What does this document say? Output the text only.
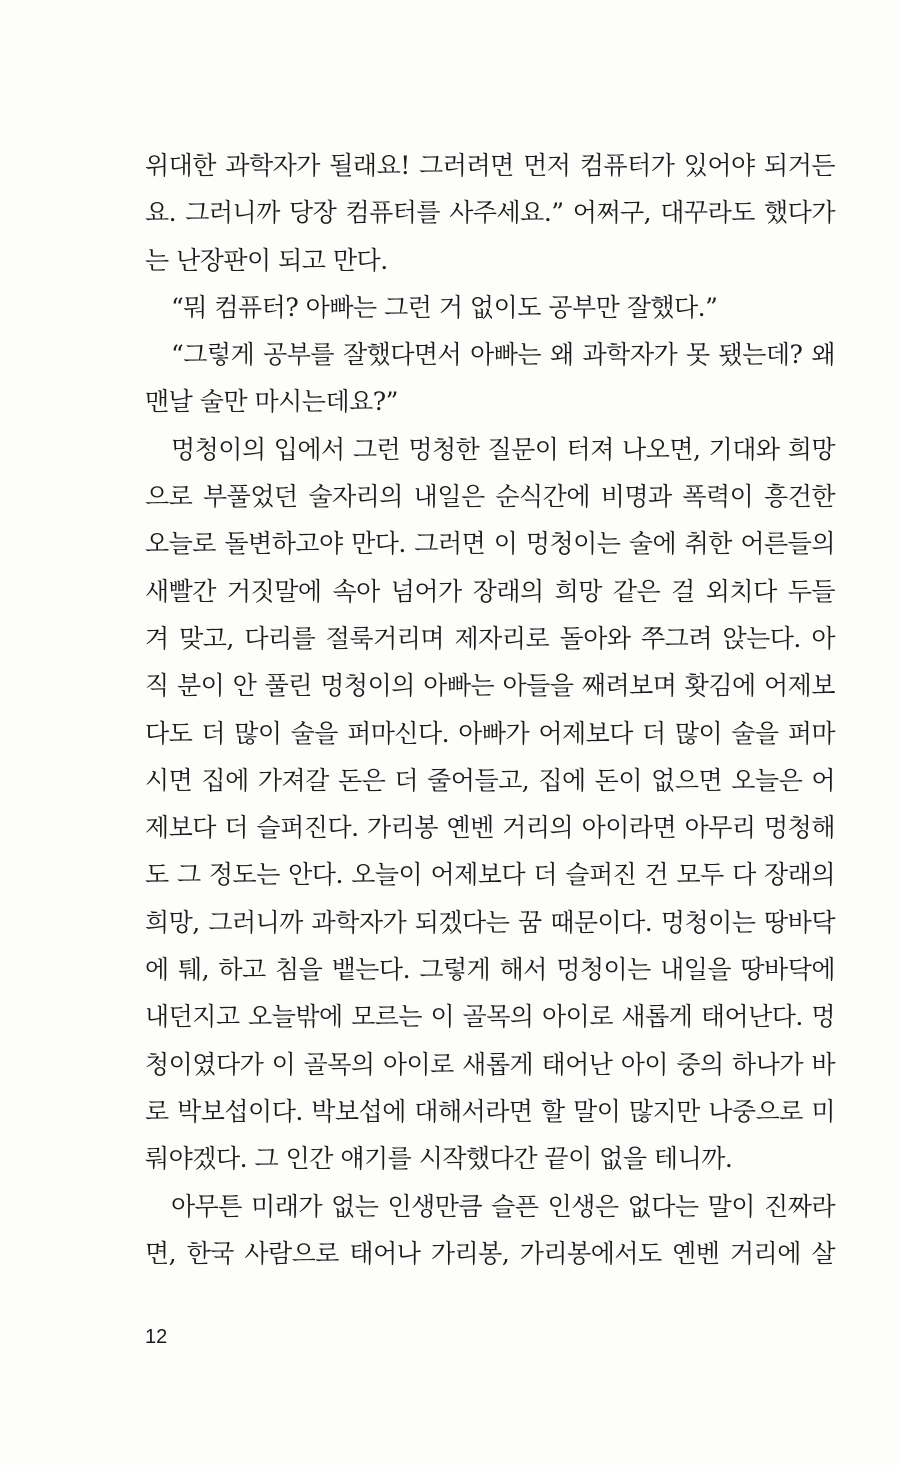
위대한 과학자가 될래요! 그러려면 먼저 컴퓨터가 있어야 되거든
요. 그러니까 당장 컴퓨터를 사주세요.” 어쩌구, 대꾸라도 했다가
는 난장판이 되고 만다.
“뭐 컴퓨터? 아빠는 그런 거 없이도 공부만 잘했다.”
“그렇게 공부를 잘했다면서 아빠는 왜 과학자가 못 됐는데? 왜
맨날 술만 마시는데요?”
멍청이의 입에서 그런 멍청한 질문이 터져 나오면, 기대와 희망
으로 부풀었던 술자리의 내일은 순식간에 비명과 폭력이 흥건한
오늘로 돌변하고야 만다. 그러면 이 멍청이는 술에 취한 어른들의
새빨간 거짓말에 속아 넘어가 장래의 희망 같은 걸 외치다 두들
겨 맞고, 다리를 절룩거리며 제자리로 돌아와 쭈그려 앉는다. 아
직 분이 안 풀린 멍청이의 아빠는 아들을 째려보며 홧김에 어제보
다도 더 많이 술을 퍼마신다. 아빠가 어제보다 더 많이 술을 퍼마
시면 집에 가져갈 돈은 더 줄어들고, 집에 돈이 없으면 오늘은 어
제보다 더 슬퍼진다. 가리봉 옌벤 거리의 아이라면 아무리 멍청해
도 그 정도는 안다. 오늘이 어제보다 더 슬퍼진 건 모두 다 장래의
희망, 그러니까 과학자가 되겠다는 꿈 때문이다. 멍청이는 땅바닥
에 퉤, 하고 침을 뱉는다. 그렇게 해서 멍청이는 내일을 땅바닥에
내던지고 오늘밖에 모르는 이 골목의 아이로 새롭게 태어난다. 멍
청이였다가 이 골목의 아이로 새롭게 태어난 아이 중의 하나가 바
로 박보섭이다. 박보섭에 대해서라면 할 말이 많지만 나중으로 미
뤄야겠다. 그 인간 얘기를 시작했다간 끝이 없을 테니까.
아무튼 미래가 없는 인생만큼 슬픈 인생은 없다는 말이 진짜라
면, 한국 사람으로 태어나 가리봉, 가리봉에서도 옌벤 거리에 살
12
